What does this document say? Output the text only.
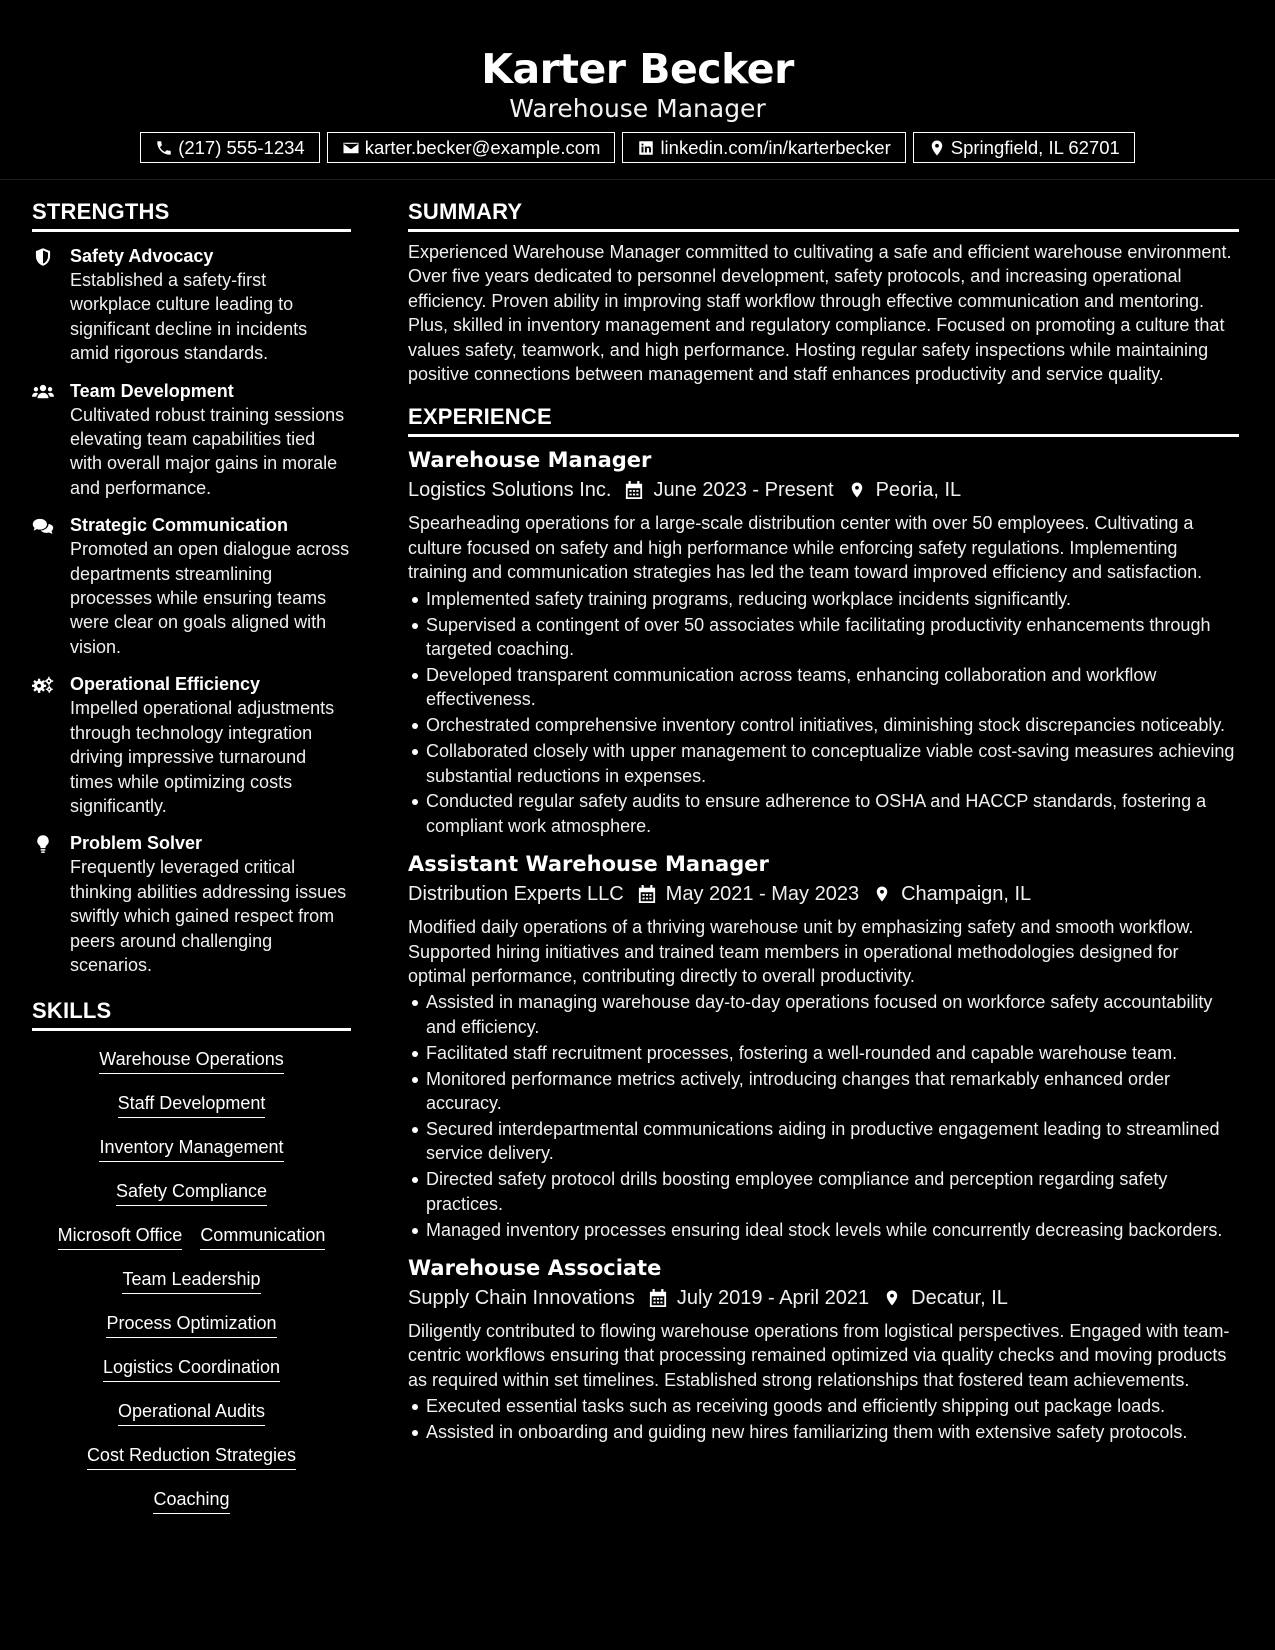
Karter Becker
Warehouse Manager
(217) 555-1234	karter.becker@example.com	linkedin.com/in/karterbecker	Springfield, IL 62701
STRENGTHS
Safety Advocacy
Established a safety-first workplace culture leading to significant decline in incidents amid rigorous standards.
Team Development
Cultivated robust training sessions elevating team capabilities tied with overall major gains in morale and performance.
Strategic Communication
Promoted an open dialogue across departments streamlining processes while ensuring teams were clear on goals aligned with vision.
Operational Efficiency
Impelled operational adjustments through technology integration driving impressive turnaround times while optimizing costs significantly.
Problem Solver
Frequently leveraged critical thinking abilities addressing issues swiftly which gained respect from peers around challenging scenarios.
SKILLS
Warehouse Operations
Staff Development
Inventory Management
Safety Compliance
Microsoft Office Communication
Team Leadership
Process Optimization
Logistics Coordination
Operational Audits
Cost Reduction Strategies
Coaching
SUMMARY
Experienced Warehouse Manager committed to cultivating a safe and efficient warehouse environment. Over five years dedicated to personnel development, safety protocols, and increasing operational efficiency. Proven ability in improving staff workflow through effective communication and mentoring. Plus, skilled in inventory management and regulatory compliance. Focused on promoting a culture that values safety, teamwork, and high performance. Hosting regular safety inspections while maintaining positive connections between management and staff enhances productivity and service quality.
EXPERIENCE
Warehouse Manager
Logistics Solutions Inc. June 2023 - Present Peoria, IL
Spearheading operations for a large-scale distribution center with over 50 employees. Cultivating a culture focused on safety and high performance while enforcing safety regulations. Implementing training and communication strategies has led the team toward improved efficiency and satisfaction.
Implemented safety training programs, reducing workplace incidents significantly.
Supervised a contingent of over 50 associates while facilitating productivity enhancements through targeted coaching.
Developed transparent communication across teams, enhancing collaboration and workflow effectiveness.
Orchestrated comprehensive inventory control initiatives, diminishing stock discrepancies noticeably.
Collaborated closely with upper management to conceptualize viable cost-saving measures achieving substantial reductions in expenses.
Conducted regular safety audits to ensure adherence to OSHA and HACCP standards, fostering a compliant work atmosphere.
Assistant Warehouse Manager
Distribution Experts LLC May 2021 - May 2023 Champaign, IL
Modified daily operations of a thriving warehouse unit by emphasizing safety and smooth workflow. Supported hiring initiatives and trained team members in operational methodologies designed for optimal performance, contributing directly to overall productivity.
Assisted in managing warehouse day-to-day operations focused on workforce safety accountability and efficiency.
Facilitated staff recruitment processes, fostering a well-rounded and capable warehouse team.
Monitored performance metrics actively, introducing changes that remarkably enhanced order accuracy.
Secured interdepartmental communications aiding in productive engagement leading to streamlined service delivery.
Directed safety protocol drills boosting employee compliance and perception regarding safety practices.
Managed inventory processes ensuring ideal stock levels while concurrently decreasing backorders.
Warehouse Associate
Supply Chain Innovations July 2019 - April 2021 Decatur, IL
Diligently contributed to flowing warehouse operations from logistical perspectives. Engaged with team-centric workflows ensuring that processing remained optimized via quality checks and moving products as required within set timelines. Established strong relationships that fostered team achievements.
Executed essential tasks such as receiving goods and efficiently shipping out package loads.
Assisted in onboarding and guiding new hires familiarizing them with extensive safety protocols.
